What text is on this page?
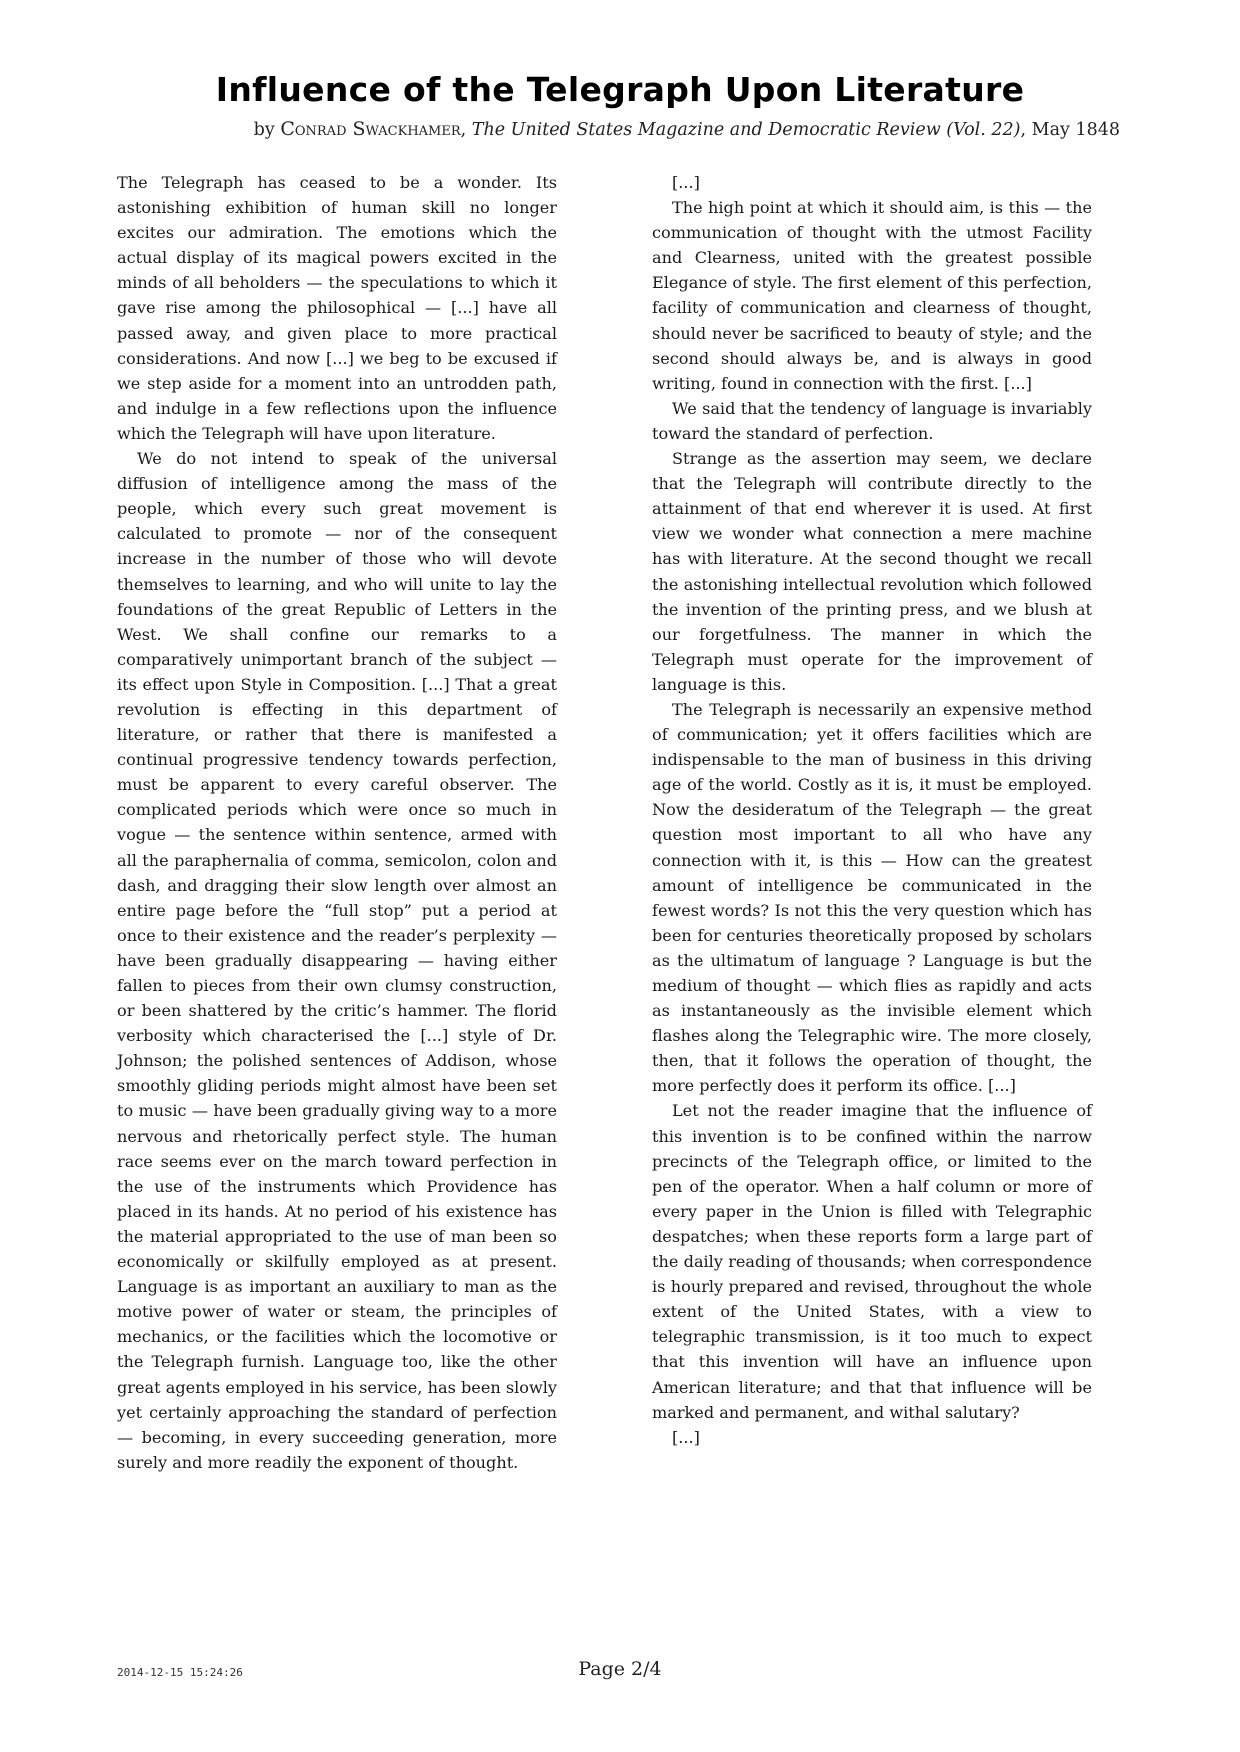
Influence of the Telegraph Upon Literature
by Conrad Swackhamer, The United States Magazine and Democratic Review (Vol. 22), May 1848

The Telegraph has ceased to be a wonder. Its astonishing exhibition of human skill no longer excites our admiration. The emotions which the actual display of its magical powers excited in the minds of all beholders — the speculations to which it gave rise among the philosophical — [...] have all passed away, and given place to more practical considerations. And now [...] we beg to be excused if we step aside for a moment into an untrodden path, and indulge in a few reflections upon the influence which the Telegraph will have upon literature.

We do not intend to speak of the universal diffusion of intelligence among the mass of the people, which every such great movement is calculated to promote — nor of the consequent increase in the number of those who will devote themselves to learning, and who will unite to lay the foundations of the great Republic of Letters in the West. We shall confine our remarks to a comparatively unimportant branch of the subject — its effect upon Style in Composition. [...] That a great revolution is effecting in this department of literature, or rather that there is manifested a continual progressive tendency towards perfection, must be apparent to every careful observer. The complicated periods which were once so much in vogue — the sentence within sentence, armed with all the paraphernalia of comma, semicolon, colon and dash, and dragging their slow length over almost an entire page before the “full stop” put a period at once to their existence and the reader’s perplexity — have been gradually disappearing — having either fallen to pieces from their own clumsy construction, or been shattered by the critic’s hammer. The florid verbosity which characterised the [...] style of Dr. Johnson; the polished sentences of Addison, whose smoothly gliding periods might almost have been set to music — have been gradually giving way to a more nervous and rhetorically perfect style. The human race seems ever on the march toward perfection in the use of the instruments which Providence has placed in its hands. At no period of his existence has the material appropriated to the use of man been so economically or skilfully employed as at present. Language is as important an auxiliary to man as the motive power of water or steam, the principles of mechanics, or the facilities which the locomotive or the Telegraph furnish. Language too, like the other great agents employed in his service, has been slowly yet certainly approaching the standard of perfection — becoming, in every succeeding generation, more surely and more readily the exponent of thought.

[...]

The high point at which it should aim, is this — the communication of thought with the utmost Facility and Clearness, united with the greatest possible Elegance of style. The first element of this perfection, facility of communication and clearness of thought, should never be sacrificed to beauty of style; and the second should always be, and is always in good writing, found in connection with the first. [...]

We said that the tendency of language is invariably toward the standard of perfection.

Strange as the assertion may seem, we declare that the Telegraph will contribute directly to the attainment of that end wherever it is used. At first view we wonder what connection a mere machine has with literature. At the second thought we recall the astonishing intellectual revolution which followed the invention of the printing press, and we blush at our forgetfulness. The manner in which the Telegraph must operate for the improvement of language is this.

The Telegraph is necessarily an expensive method of communication; yet it offers facilities which are indispensable to the man of business in this driving age of the world. Costly as it is, it must be employed. Now the desideratum of the Telegraph — the great question most important to all who have any connection with it, is this — How can the greatest amount of intelligence be communicated in the fewest words? Is not this the very question which has been for centuries theoretically proposed by scholars as the ultimatum of language ? Language is but the medium of thought — which flies as rapidly and acts as instantaneously as the invisible element which flashes along the Telegraphic wire. The more closely, then, that it follows the operation of thought, the more perfectly does it perform its office. [...]

Let not the reader imagine that the influence of this invention is to be confined within the narrow precincts of the Telegraph office, or limited to the pen of the operator. When a half column or more of every paper in the Union is filled with Telegraphic despatches; when these reports form a large part of the daily reading of thousands; when correspondence is hourly prepared and revised, throughout the whole extent of the United States, with a view to telegraphic transmission, is it too much to expect that this invention will have an influence upon American literature; and that that influence will be marked and permanent, and withal salutary?

[...]

2014-12-15 15:24:26	Page 2/4
